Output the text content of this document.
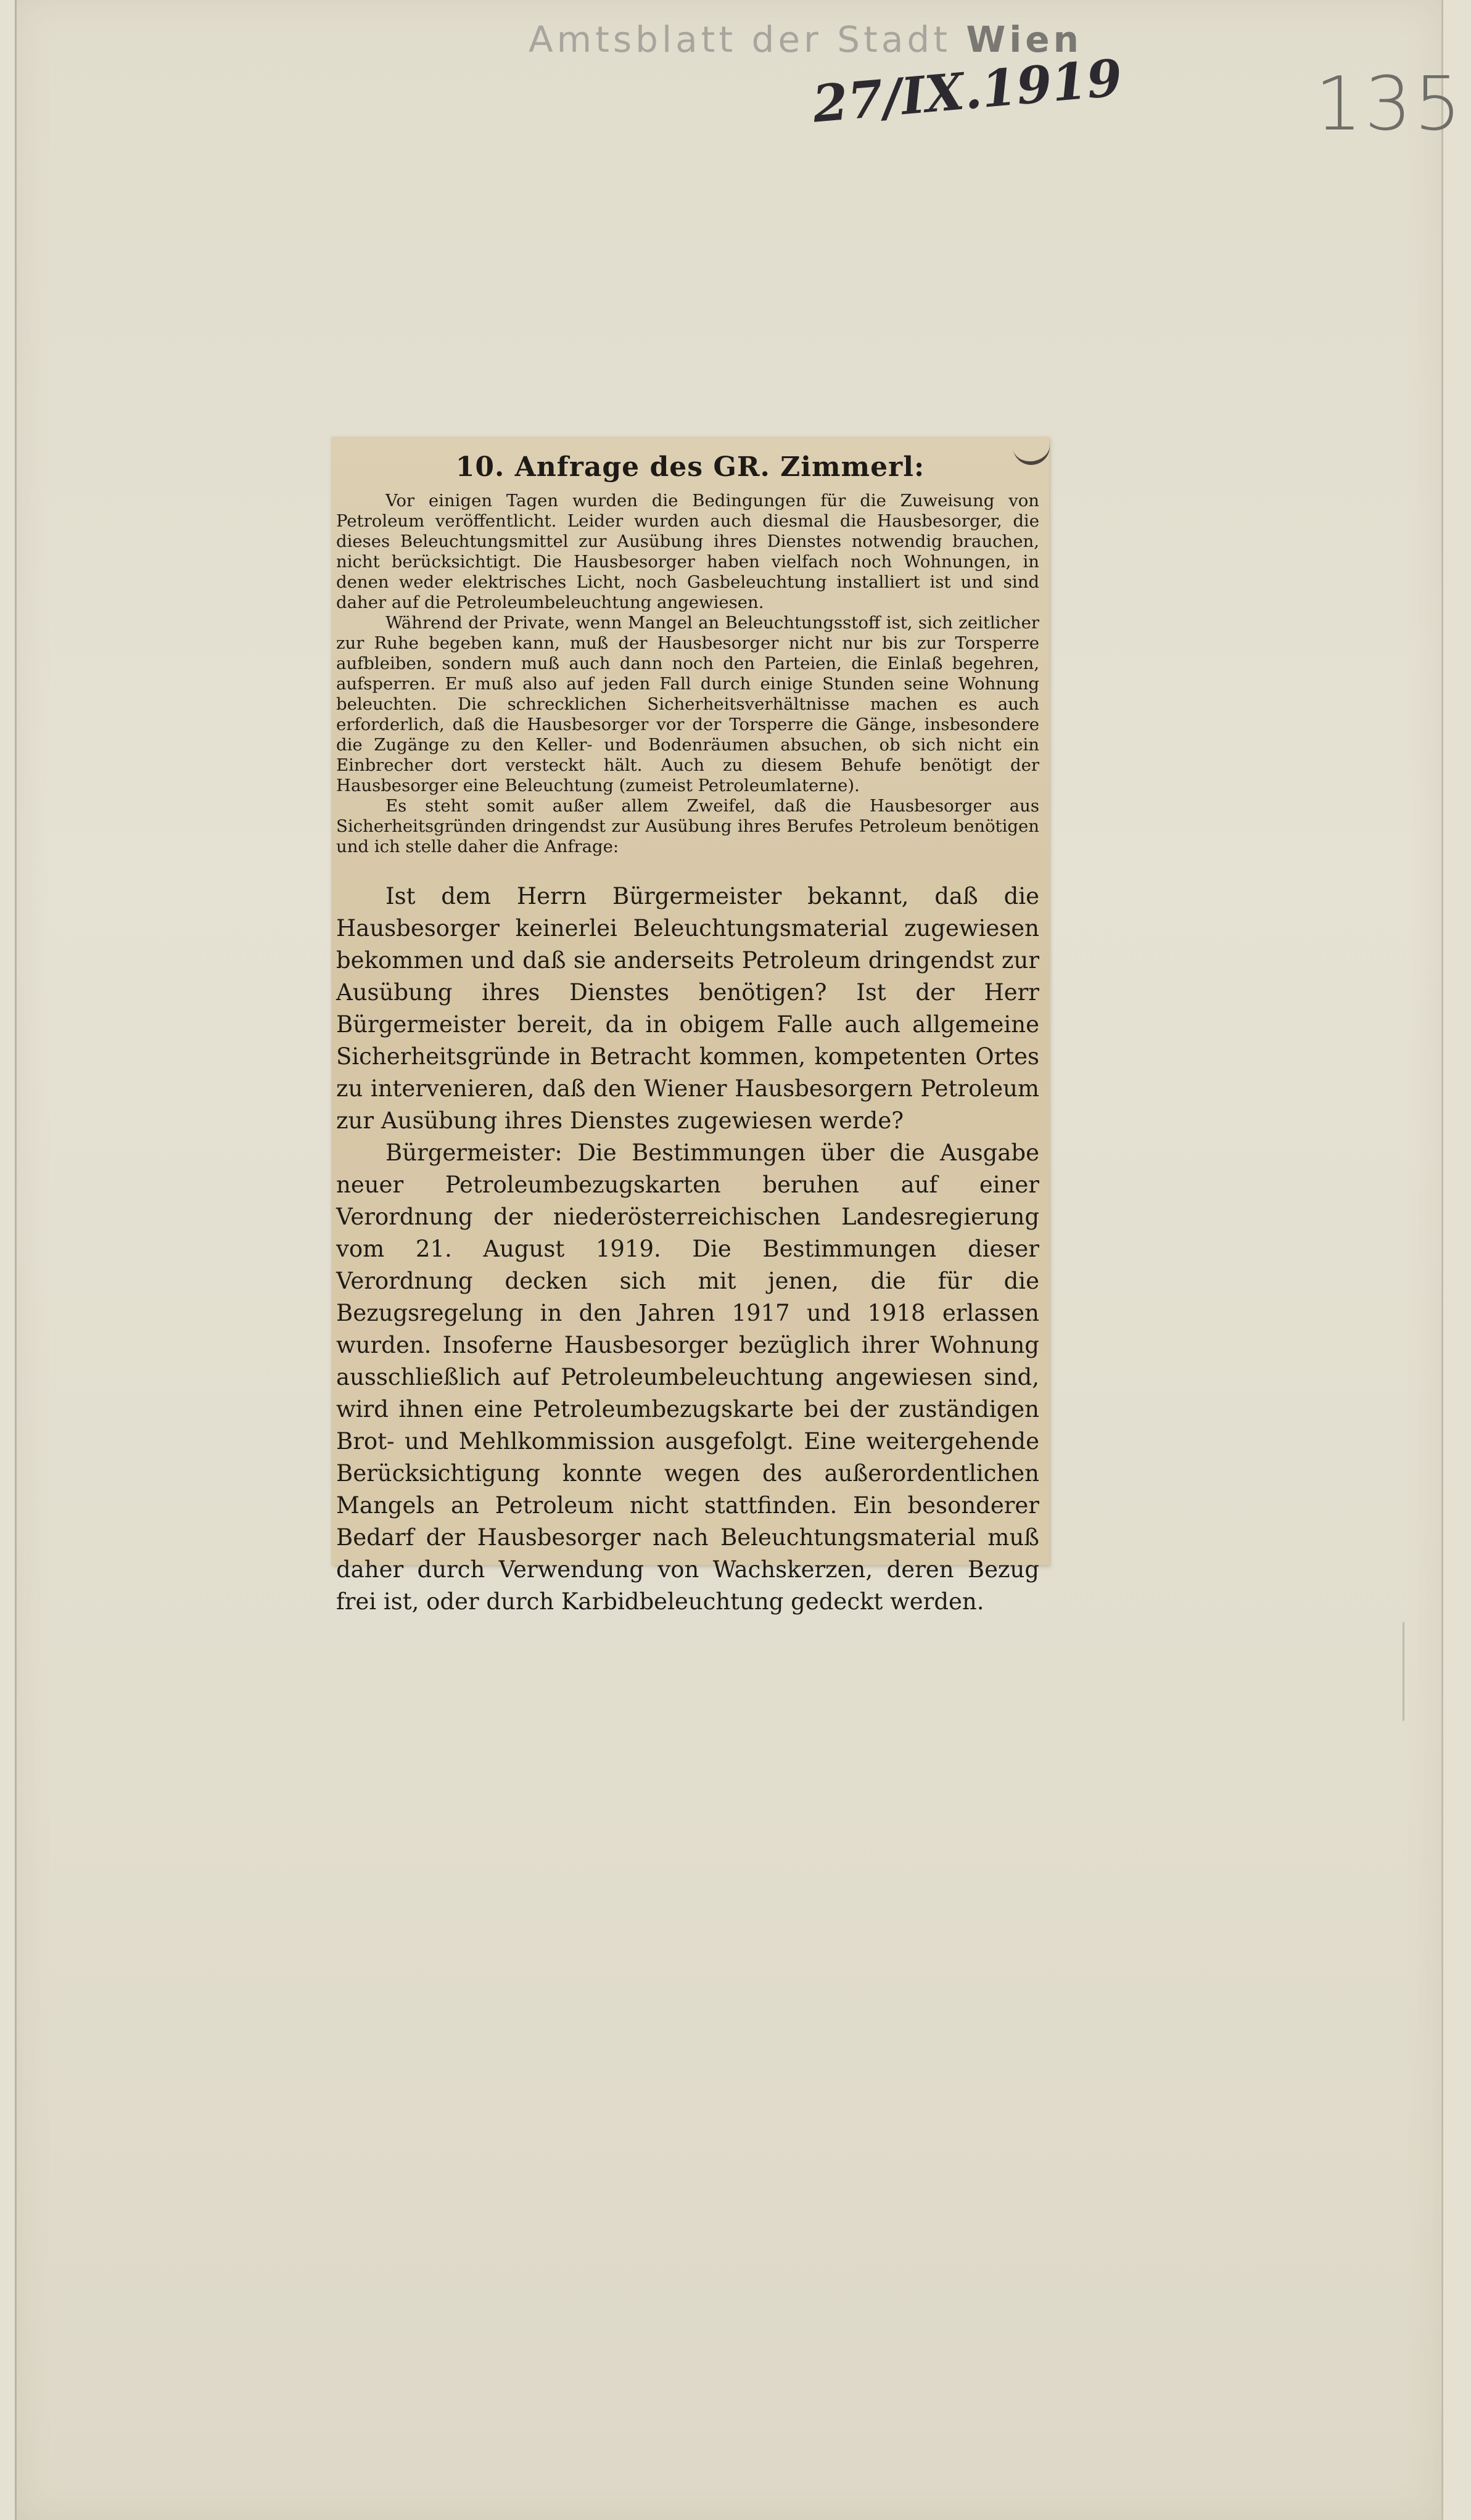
Amtsblatt der Stadt Wien
27/IX.1919	135
10. Anfrage des GR. Zimmerl:

Vor einigen Tagen wurden die Bedingungen für die Zuweisung von Petroleum veröffentlicht. Leider wurden auch diesmal die Hausbesorger, die dieses Beleuchtungsmittel zur Ausübung ihres Dienstes notwendig brauchen, nicht berücksichtigt. Die Hausbesorger haben vielfach noch Wohnungen, in denen weder elektrisches Licht, noch Gasbeleuchtung installiert ist und sind daher auf die Petroleumbeleuchtung angewiesen.

Während der Private, wenn Mangel an Beleuchtungsstoff ist, sich zeitlicher zur Ruhe begeben kann, muß der Hausbesorger nicht nur bis zur Torsperre aufbleiben, sondern muß auch dann noch den Parteien, die Einlaß begehren, aufsperren. Er muß also auf jeden Fall durch einige Stunden seine Wohnung beleuchten. Die schrecklichen Sicherheitsverhältnisse machen es auch erforderlich, daß die Hausbesorger vor der Torsperre die Gänge, insbesondere die Zugänge zu den Keller- und Bodenräumen absuchen, ob sich nicht ein Einbrecher dort versteckt hält. Auch zu diesem Behufe benötigt der Hausbesorger eine Beleuchtung (zumeist Petroleumlaterne).

Es steht somit außer allem Zweifel, daß die Hausbesorger aus Sicherheitsgründen dringendst zur Ausübung ihres Berufes Petroleum benötigen und ich stelle daher die Anfrage:

Ist dem Herrn Bürgermeister bekannt, daß die Hausbesorger keinerlei Beleuchtungsmaterial zugewiesen bekommen und daß sie anderseits Petroleum dringendst zur Ausübung ihres Dienstes benötigen? Ist der Herr Bürgermeister bereit, da in obigem Falle auch allgemeine Sicherheitsgründe in Betracht kommen, kompetenten Ortes zu intervenieren, daß den Wiener Hausbesorgern Petroleum zur Ausübung ihres Dienstes zugewiesen werde?

Bürgermeister: Die Bestimmungen über die Ausgabe neuer Petroleumbezugskarten beruhen auf einer Verordnung der niederösterreichischen Landesregierung vom 21. August 1919. Die Bestimmungen dieser Verordnung decken sich mit jenen, die für die Bezugsregelung in den Jahren 1917 und 1918 erlassen wurden. Insoferne Hausbesorger bezüglich ihrer Wohnung ausschließlich auf Petroleumbeleuchtung angewiesen sind, wird ihnen eine Petroleumbezugskarte bei der zuständigen Brot- und Mehlkommission ausgefolgt. Eine weitergehende Berücksichtigung konnte wegen des außerordentlichen Mangels an Petroleum nicht stattfinden. Ein besonderer Bedarf der Hausbesorger nach Beleuchtungsmaterial muß daher durch Verwendung von Wachskerzen, deren Bezug frei ist, oder durch Karbidbeleuchtung gedeckt werden.
